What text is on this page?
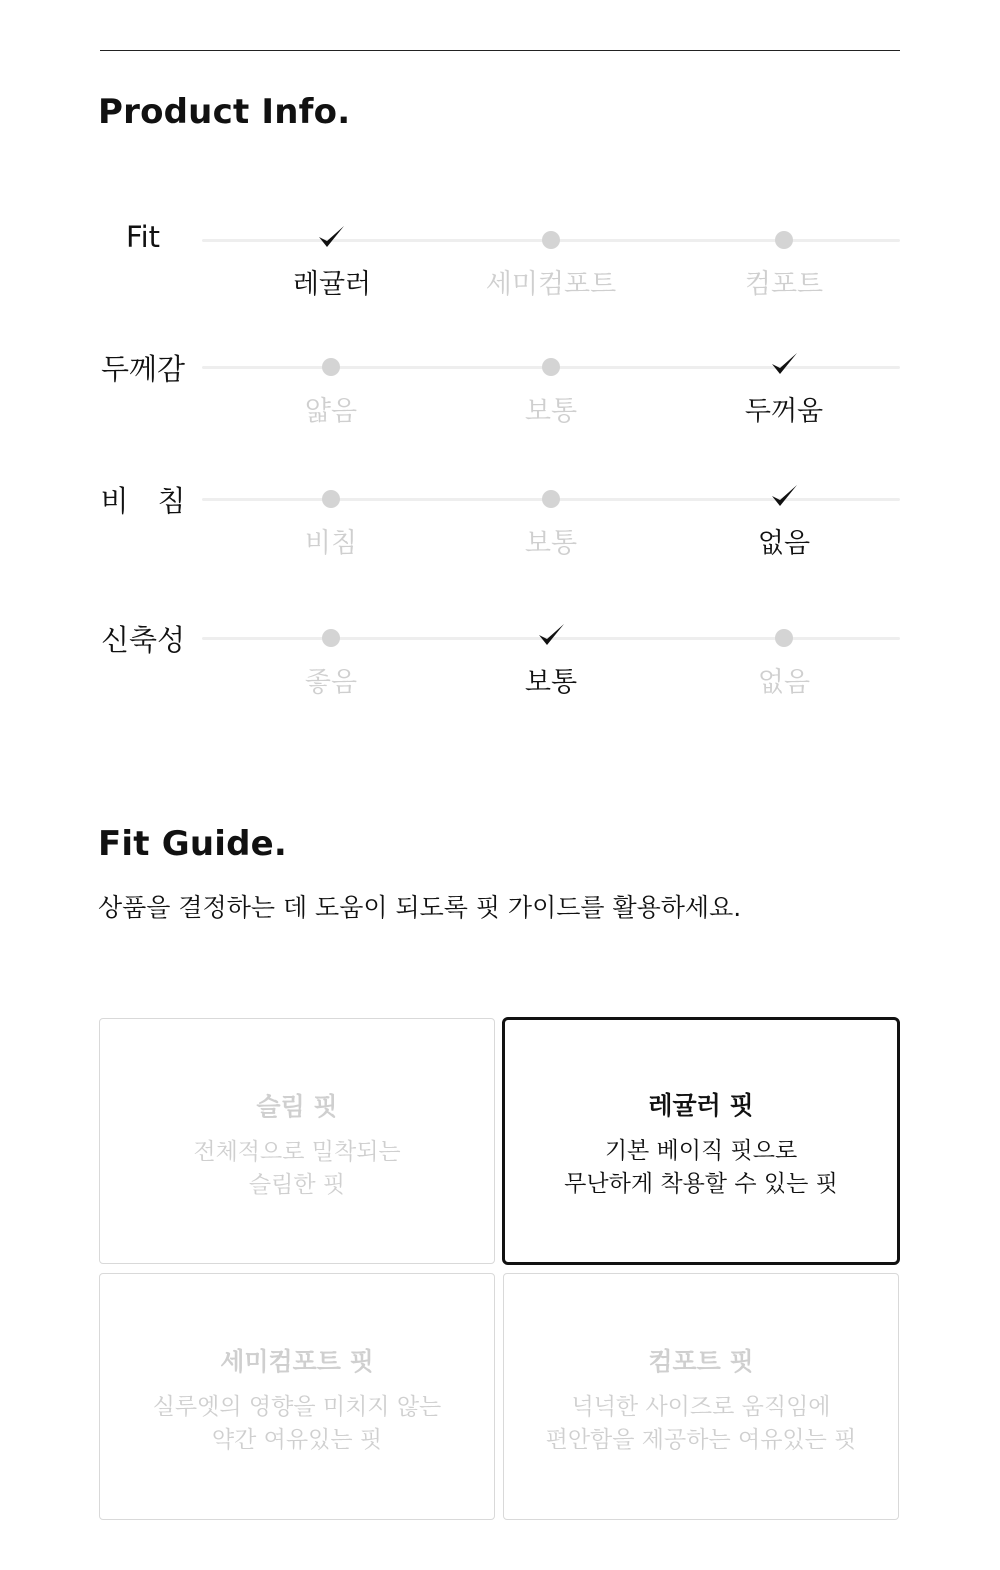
Product Info.
Fit
레귤러	세미컴포트	컴포트
두께감
얇음	보통	두꺼움
비　침
비침	보통	없음
신축성
좋음	보통	없음
Fit Guide.

상품을 결정하는 데 도움이 되도록 핏 가이드를 활용하세요.

슬림 핏
전체적으로 밀착되는
슬림한 핏
레귤러 핏
기본 베이직 핏으로
무난하게 착용할 수 있는 핏
세미컴포트 핏
실루엣의 영향을 미치지 않는
약간 여유있는 핏
컴포트 핏
넉넉한 사이즈로 움직임에
편안함을 제공하는 여유있는 핏
